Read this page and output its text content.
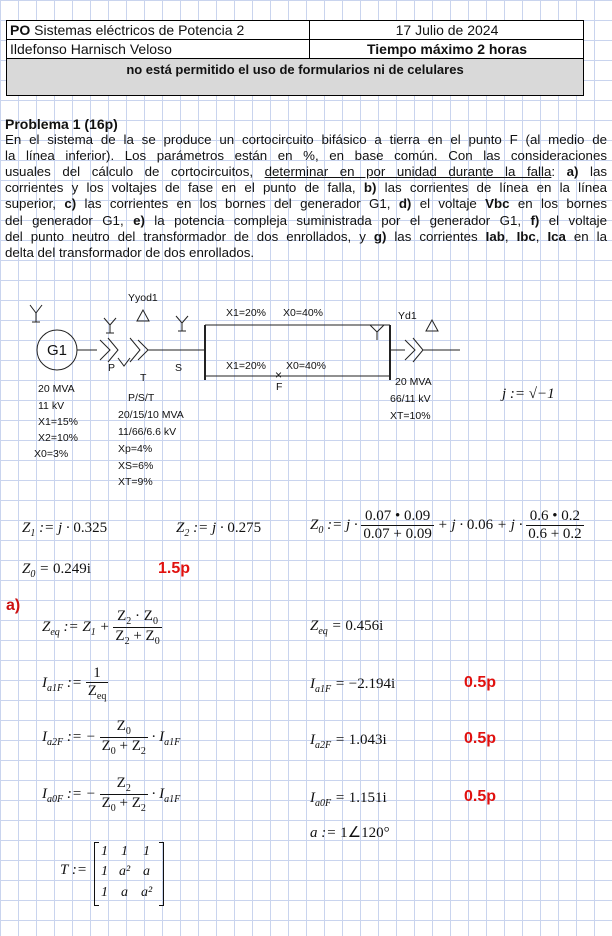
PO Sistemas eléctricos de Potencia 2	17 Julio de 2024
Ildefonso Harnisch Veloso	Tiempo máximo 2 horas
no está permitido el uso de formularios ni de celulares
Problema 1 (16p)
En el sistema de la se produce un cortocircuito bifásico a tierra en el punto F (al medio de
la línea inferior). Los parámetros están en %, en base común. Con las consideraciones
usuales del cálculo de cortocircuitos, determinar en por unidad durante la falla: a) las
corrientes y los voltajes de fase en el punto de falla, b) las corrientes de línea en la línea
superior, c) las corrientes en los bornes del generador G1, d) el voltaje Vbc en los bornes
del generador G1, e) la potencia compleja suministrada por el generador G1, f) el voltaje
del punto neutro del transformador de dos enrollados, y g) las corrientes Iab, Ibc, Ica en la
delta del transformador de dos enrollados.
G1
20 MVA
11 kV
X1=15%
X2=10%
X0=3%
Yyod1
P
T
S
P/S/T
20/15/10 MVA
11/66/6.6 kV
Xp=4%
XS=6%
XT=9%
X1=20% X0=40%
X1=20% X0=40%
×
F
Yd1
20 MVA
66/11 kV
XT=10%
j := √−1
$Z_1$ := j · 0.325	$Z_2$ := j · 0.275	$Z_0$ := $j \cdot \frac{0.07 • 0.09}{0.07 + 0.09} + j \cdot 0.06 + j \cdot \frac{0.6 • 0.2}{0.6 + 0.2}$
$Z_0 = 0.249i$	1.5p
a)
$Z_{eq}$ := $Z_1 + \frac{Z_2 \cdot Z_0}{Z_2 + Z_0}$	$Z_{eq} = 0.456i$
$I_{a1F}$ := $\frac{1}{Z_{eq}}$	$I_{a1F} = -2.194i$	0.5p
$I_{a2F}$ := − $\frac{Z_0}{Z_0 + Z_2} \cdot I_{a1F}$	$I_{a2F} = 1.043i$	0.5p
$I_{a0F}$ := − $\frac{Z_2}{Z_0 + Z_2} \cdot I_{a1F}$	$I_{a0F} = 1.151i$	0.5p
a := 1∠120°
T :=
1 1 1
1 a² a
1 a a²
